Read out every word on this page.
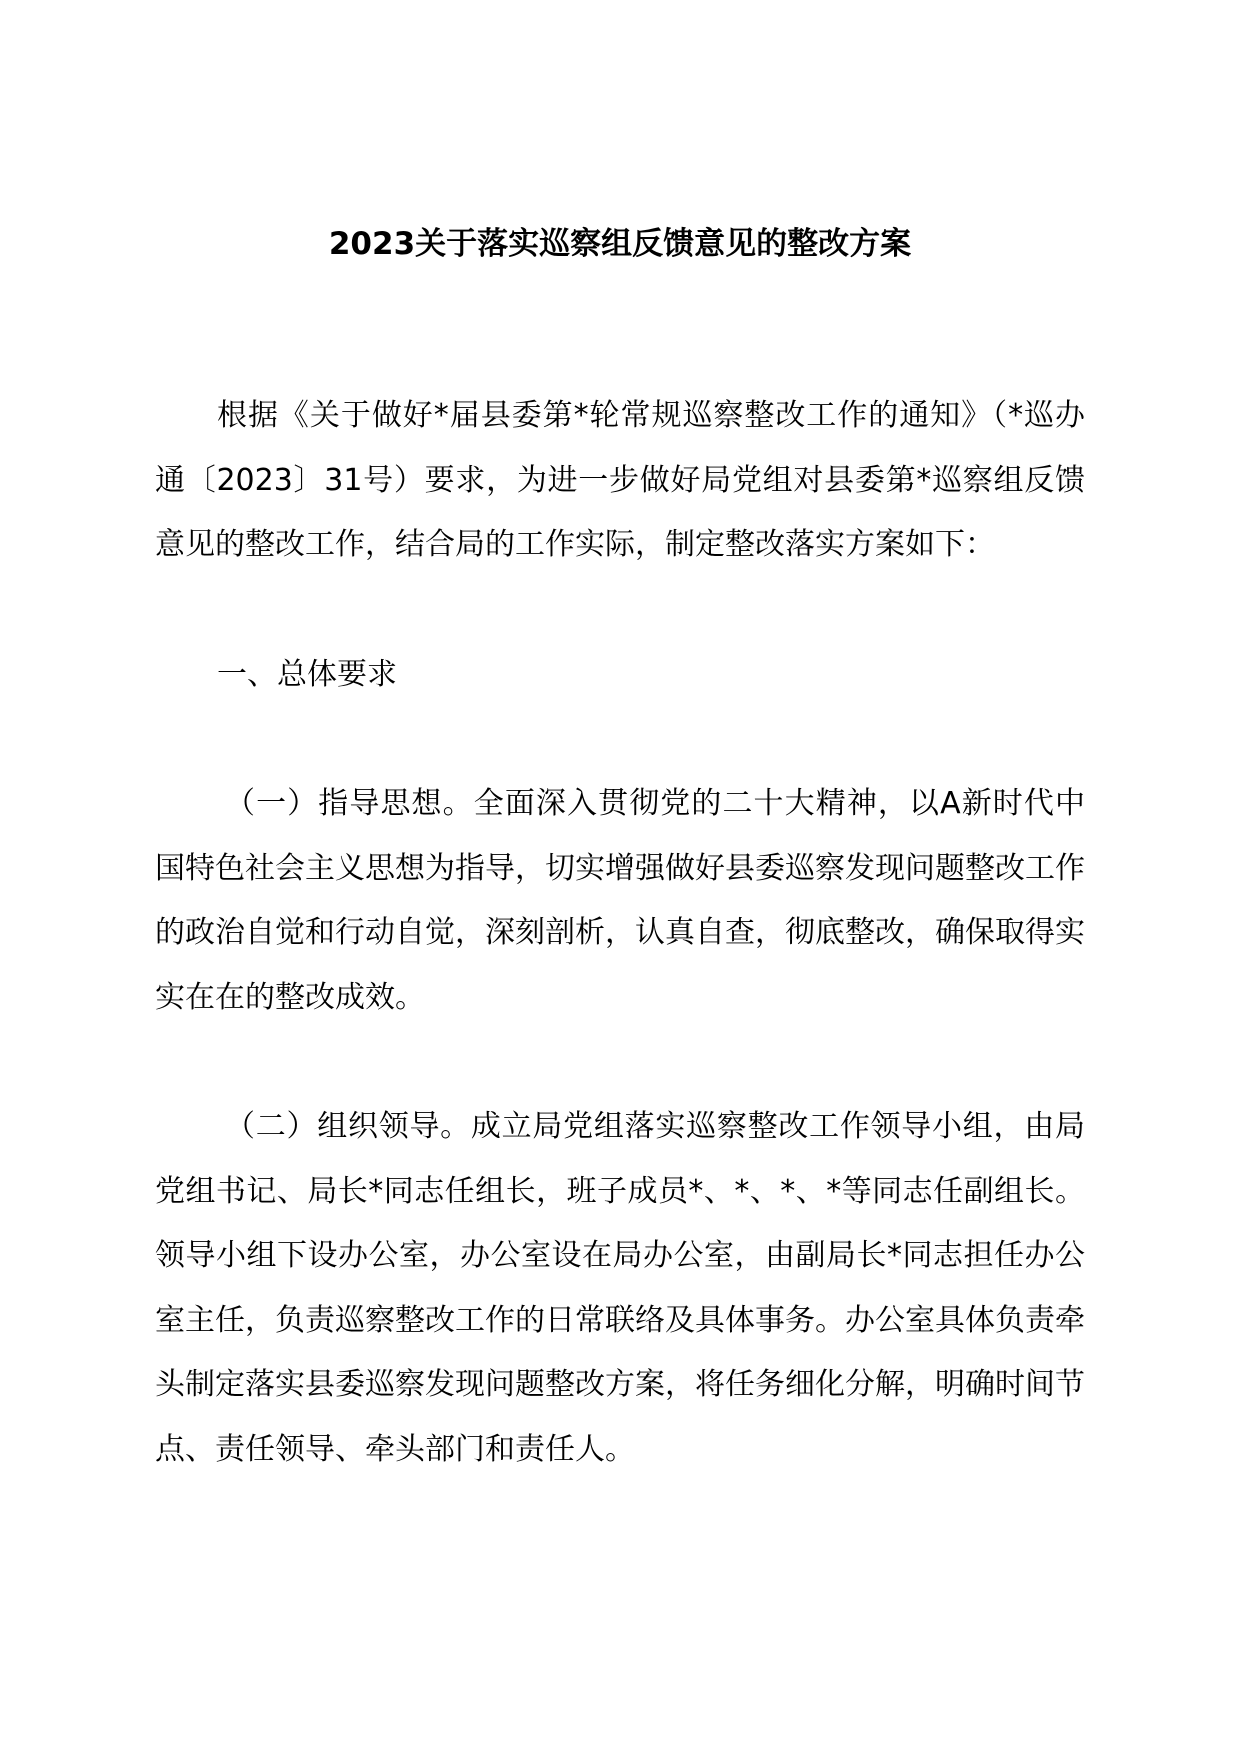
2023关于落实巡察组反馈意见的整改方案

根据《关于做好*届县委第*轮常规巡察整改工作的通知》（*巡办通〔2023〕31号）要求，为进一步做好局党组对县委第*巡察组反馈意见的整改工作，结合局的工作实际，制定整改落实方案如下：

一、总体要求

（一）指导思想。全面深入贯彻党的二十大精神，以A新时代中国特色社会主义思想为指导，切实增强做好县委巡察发现问题整改工作的政治自觉和行动自觉，深刻剖析，认真自查，彻底整改，确保取得实实在在的整改成效。

（二）组织领导。成立局党组落实巡察整改工作领导小组，由局党组书记、局长*同志任组长，班子成员*、*、*、*等同志任副组长。领导小组下设办公室，办公室设在局办公室，由副局长*同志担任办公室主任，负责巡察整改工作的日常联络及具体事务。办公室具体负责牵头制定落实县委巡察发现问题整改方案，将任务细化分解，明确时间节点、责任领导、牵头部门和责任人。
